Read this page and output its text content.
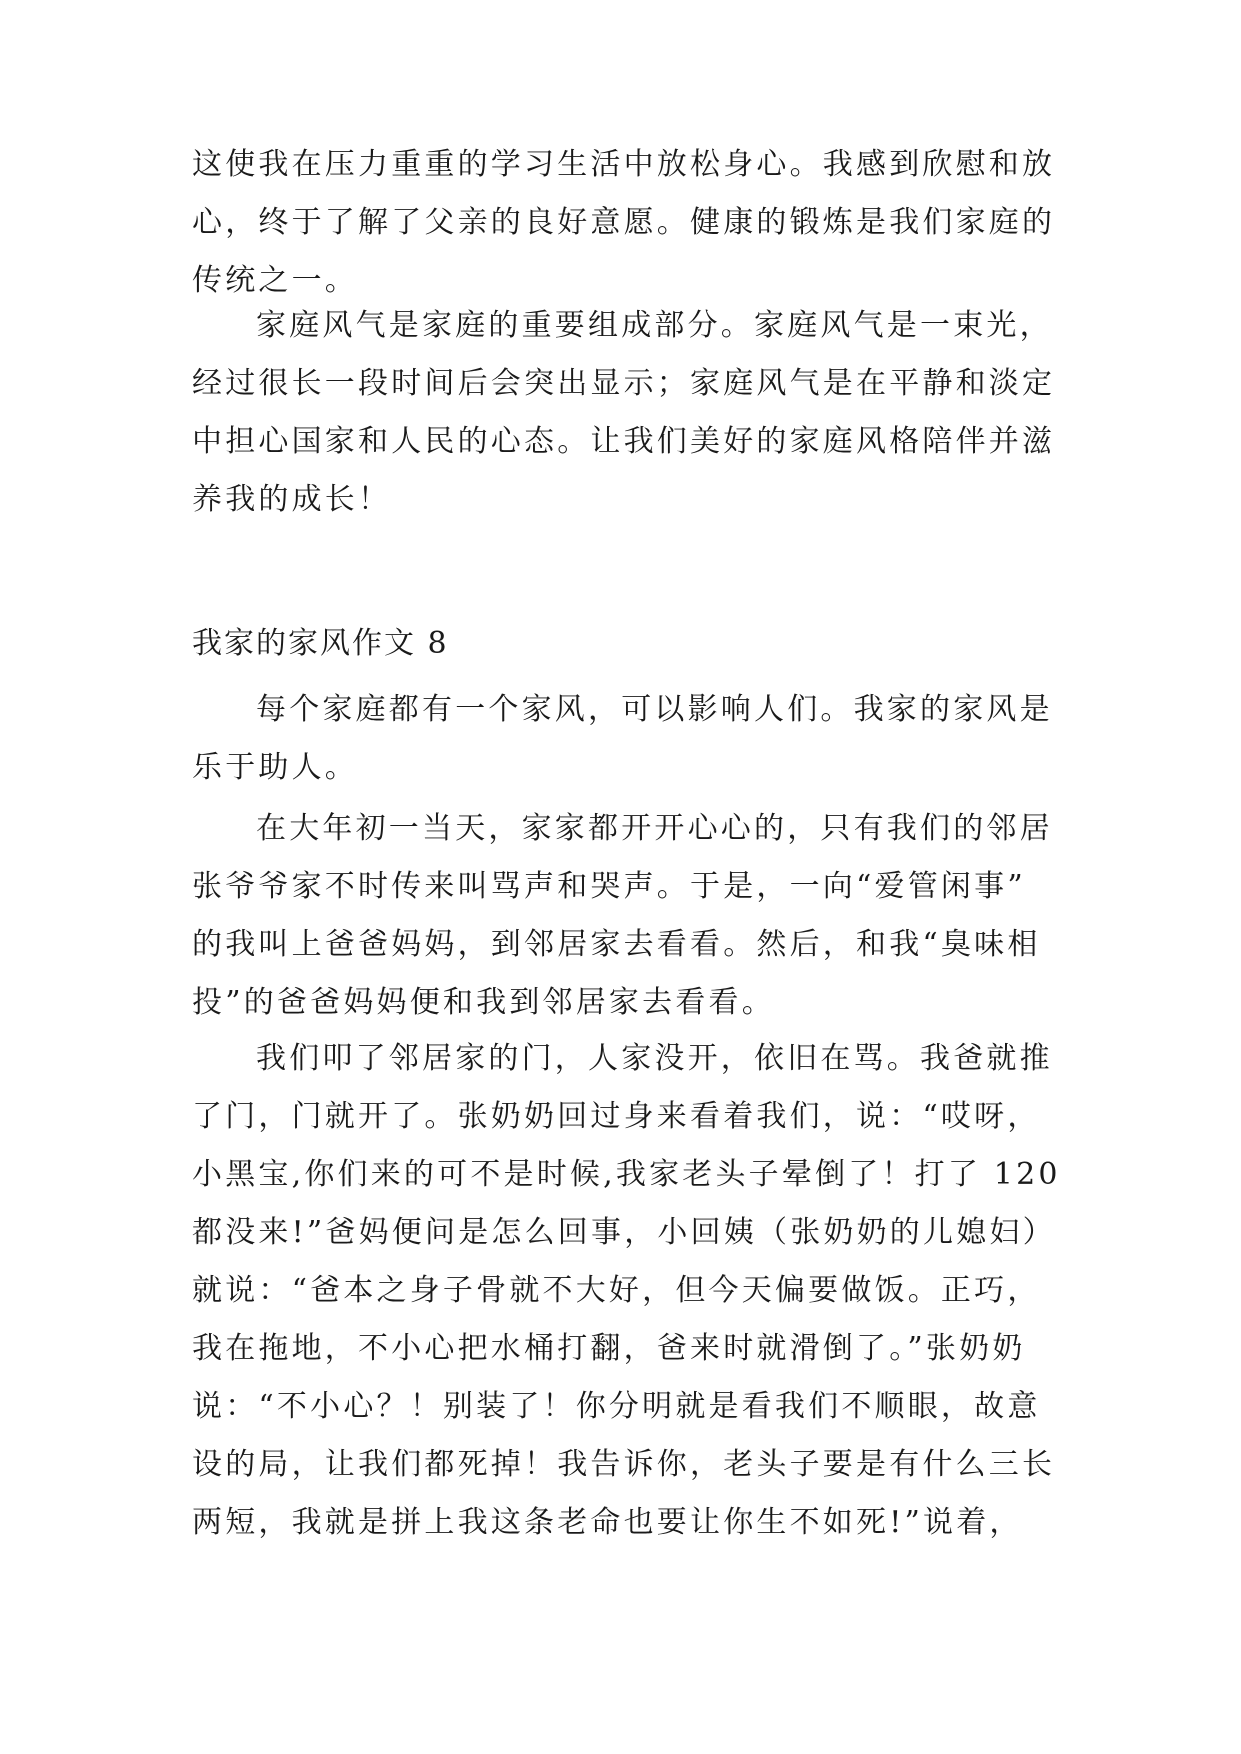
这使我在压力重重的学习生活中放松身心。我感到欣慰和放
心，终于了解了父亲的良好意愿。健康的锻炼是我们家庭的
传统之一。
家庭风气是家庭的重要组成部分。家庭风气是一束光，
经过很长一段时间后会突出显示；家庭风气是在平静和淡定
中担心国家和人民的心态。让我们美好的家庭风格陪伴并滋
养我的成长！
我家的家风作文 8
每个家庭都有一个家风，可以影响人们。我家的家风是
乐于助人。
在大年初一当天，家家都开开心心的，只有我们的邻居
张爷爷家不时传来叫骂声和哭声。于是，一向“爱管闲事”
的我叫上爸爸妈妈，到邻居家去看看。然后，和我“臭味相
投”的爸爸妈妈便和我到邻居家去看看。
我们叩了邻居家的门，人家没开，依旧在骂。我爸就推
了门，门就开了。张奶奶回过身来看着我们，说：“哎呀，
小黑宝,你们来的可不是时候,我家老头子晕倒了！打了 120
都没来!”爸妈便问是怎么回事，小回姨（张奶奶的儿媳妇）
就说：“爸本之身子骨就不大好，但今天偏要做饭。正巧，
我在拖地，不小心把水桶打翻，爸来时就滑倒了。”张奶奶
说：“不小心？！别装了！你分明就是看我们不顺眼，故意
设的局，让我们都死掉！我告诉你，老头子要是有什么三长
两短，我就是拼上我这条老命也要让你生不如死!”说着，
